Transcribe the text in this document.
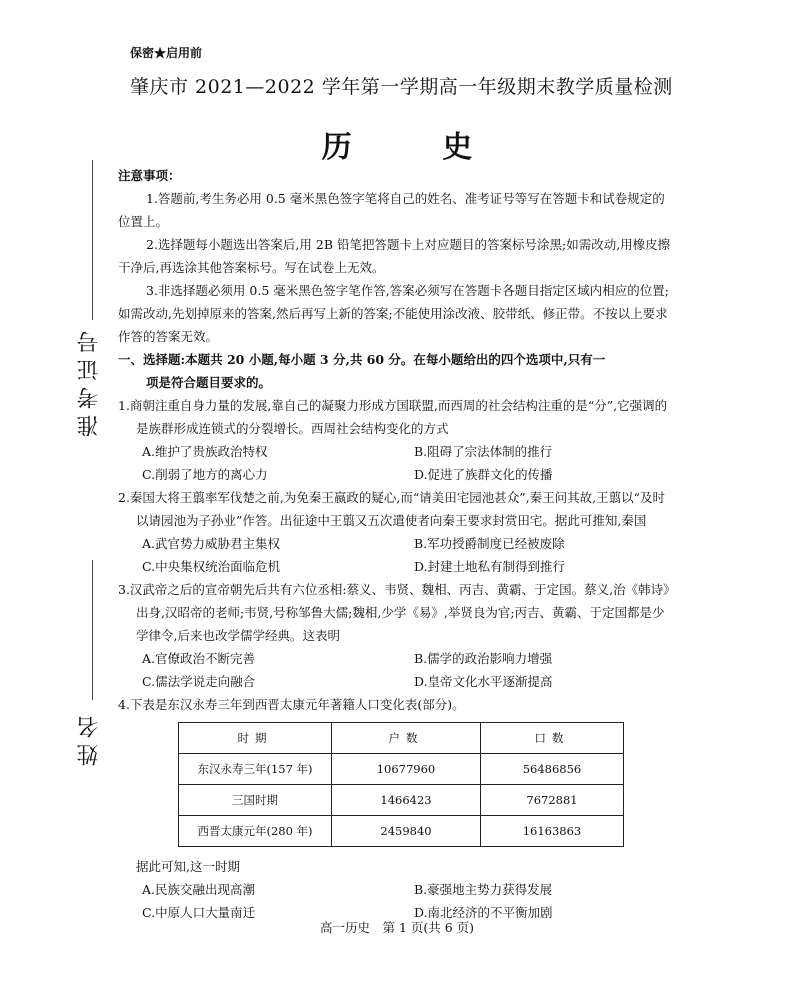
保密★启用前
肇庆市 2021—2022 学年第一学期高一年级期末教学质量检测
历 史
准考证号
姓名

注意事项：

1.答题前,考生务必用 0.5 毫米黑色签字笔将自己的姓名、准考证号等写在答题卡和试卷规定的位置上。

2.选择题每小题选出答案后,用 2B 铅笔把答题卡上对应题目的答案标号涂黑;如需改动,用橡皮擦干净后,再选涂其他答案标号。写在试卷上无效。

3.非选择题必须用 0.5 毫米黑色签字笔作答,答案必须写在答题卡各题目指定区域内相应的位置;如需改动,先划掉原来的答案,然后再写上新的答案;不能使用涂改液、胶带纸、修正带。不按以上要求作答的答案无效。

一、选择题:本题共 20 小题,每小题 3 分,共 60 分。在每小题给出的四个选项中,只有一
项是符合题目要求的。

1.商朝注重自身力量的发展,靠自己的凝聚力形成方国联盟,而西周的社会结构注重的是“分”,它强调的是族群形成连锁式的分裂增长。西周社会结构变化的方式

A.维护了贵族政治特权	B.阻碍了宗法体制的推行
C.削弱了地方的离心力	D.促进了族群文化的传播

2.秦国大将王翦率军伐楚之前,为免秦王嬴政的疑心,而“请美田宅园池甚众”,秦王问其故,王翦以“及时以请园池为子孙业”作答。出征途中王翦又五次遣使者向秦王要求封赏田宅。据此可推知,秦国

A.武官势力威胁君主集权	B.军功授爵制度已经被废除
C.中央集权统治面临危机	D.封建土地私有制得到推行

3.汉武帝之后的宣帝朝先后共有六位丞相:蔡义、韦贤、魏相、丙吉、黄霸、于定国。蔡义,治《韩诗》出身,汉昭帝的老师;韦贤,号称邹鲁大儒;魏相,少学《易》,举贤良为官;丙吉、黄霸、于定国都是少学律令,后来也改学儒学经典。这表明

A.官僚政治不断完善	B.儒学的政治影响力增强
C.儒法学说走向融合	D.皇帝文化水平逐渐提高

4.下表是东汉永寿三年到西晋太康元年著籍人口变化表(部分)。

时期	户数	口数
东汉永寿三年(157 年)	10677960	56486856
三国时期	1466423	7672881
西晋太康元年(280 年)	2459840	16163863

据此可知,这一时期

A.民族交融出现高潮	B.豪强地主势力获得发展
C.中原人口大量南迁	D.南北经济的不平衡加剧
高一历史　第 1 页(共 6 页)
